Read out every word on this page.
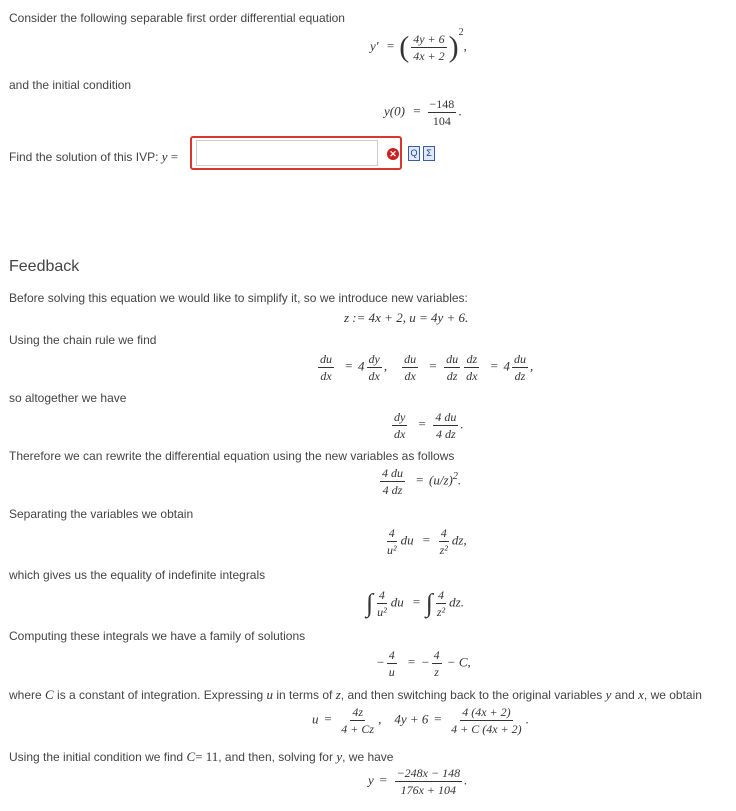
Consider the following separable first order differential equation
y′ = ( $\frac{4y + 6}{4x + 2} )^2$,
and the initial condition
$y(0) = \frac{-148}{104}$ .
Find the solution of this IVP: y =	✕ Q Σ
Feedback
Before solving this equation we would like to simplify it, so we introduce new variables:
z := 4x + 2, u = 4y + 6.
Using the chain rule we find
$\frac{du}{dx} = 4 \frac{dy}{dx}$ , $\frac{du}{dx} = \frac{du}{dz} \frac{dz}{dx} = 4 \frac{du}{dz}$ ,
so altogether we have
$\frac{dy}{dx} = \frac{4 du}{4 dz}$ .
Therefore we can rewrite the differential equation using the new variables as follows
$\frac{4 du}{4 dz} = (u/z)^2$.
Separating the variables we obtain
$\frac{4}{\text{u²}}$ du = $\frac{4}{\text{z²}}$ dz,
which gives us the equality of indefinite integrals
∫ $\frac{4}{\text{u²}}$ du = ∫ $\frac{4}{\text{z²}}$ dz.
Computing these integrals we have a family of solutions
− $\frac{4}{u}$ = − $\frac{4}{z} - C$,
where C is a constant of integration. Expressing u in terms of z, and then switching back to the original variables y and x, we obtain
$u = \frac{4z}{4 + Cz}$ ,    $4y + 6 = \frac{4 (4x + 2)}{4 + C (4x + 2)}$ .
Using the initial condition we find C= 11, and then, solving for y, we have
$y = \frac{-248x - 148}{176x + 104}$ .
